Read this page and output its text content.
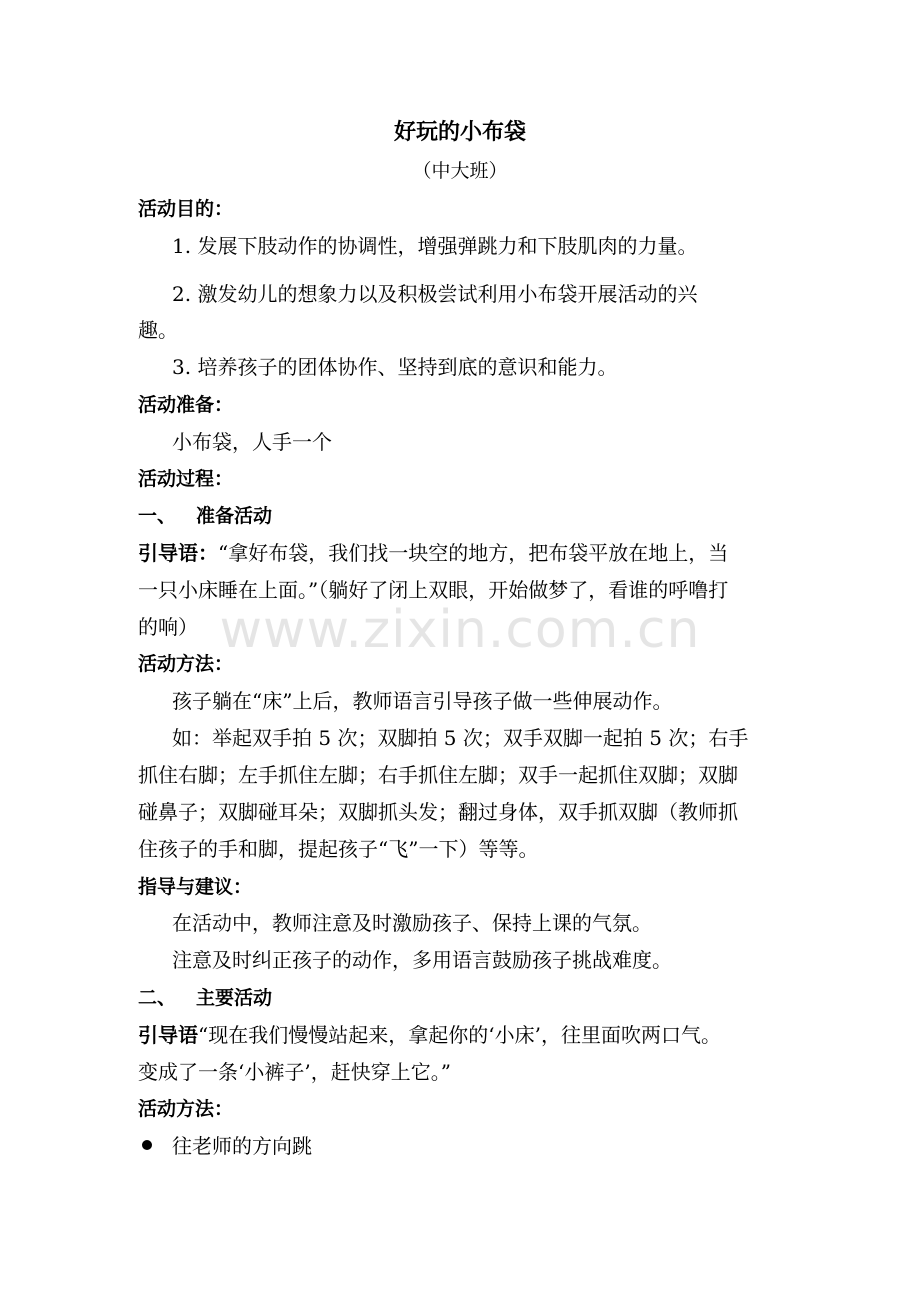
www.zixin.com.cn
好玩的小布袋
（中大班）
活动目的：
1. 发展下肢动作的协调性，增强弹跳力和下肢肌肉的力量。
2. 激发幼儿的想象力以及积极尝试利用小布袋开展活动的兴
趣。
3. 培养孩子的团体协作、坚持到底的意识和能力。
活动准备：
小布袋，人手一个
活动过程：
一、 准备活动
引导语：“拿好布袋，我们找一块空的地方，把布袋平放在地上，当
一只小床睡在上面。”（躺好了闭上双眼，开始做梦了，看谁的呼噜打
的响）
活动方法：
孩子躺在“床”上后，教师语言引导孩子做一些伸展动作。
如：举起双手拍 5 次；双脚拍 5 次；双手双脚一起拍 5 次；右手
抓住右脚；左手抓住左脚；右手抓住左脚；双手一起抓住双脚；双脚
碰鼻子；双脚碰耳朵；双脚抓头发；翻过身体，双手抓双脚（教师抓
住孩子的手和脚，提起孩子“飞”一下）等等。
指导与建议：
在活动中，教师注意及时激励孩子、保持上课的气氛。
注意及时纠正孩子的动作，多用语言鼓励孩子挑战难度。
二、 主要活动
引导语“现在我们慢慢站起来，拿起你的‘小床’，往里面吹两口气。
变成了一条‘小裤子’，赶快穿上它。”
活动方法：
往老师的方向跳
